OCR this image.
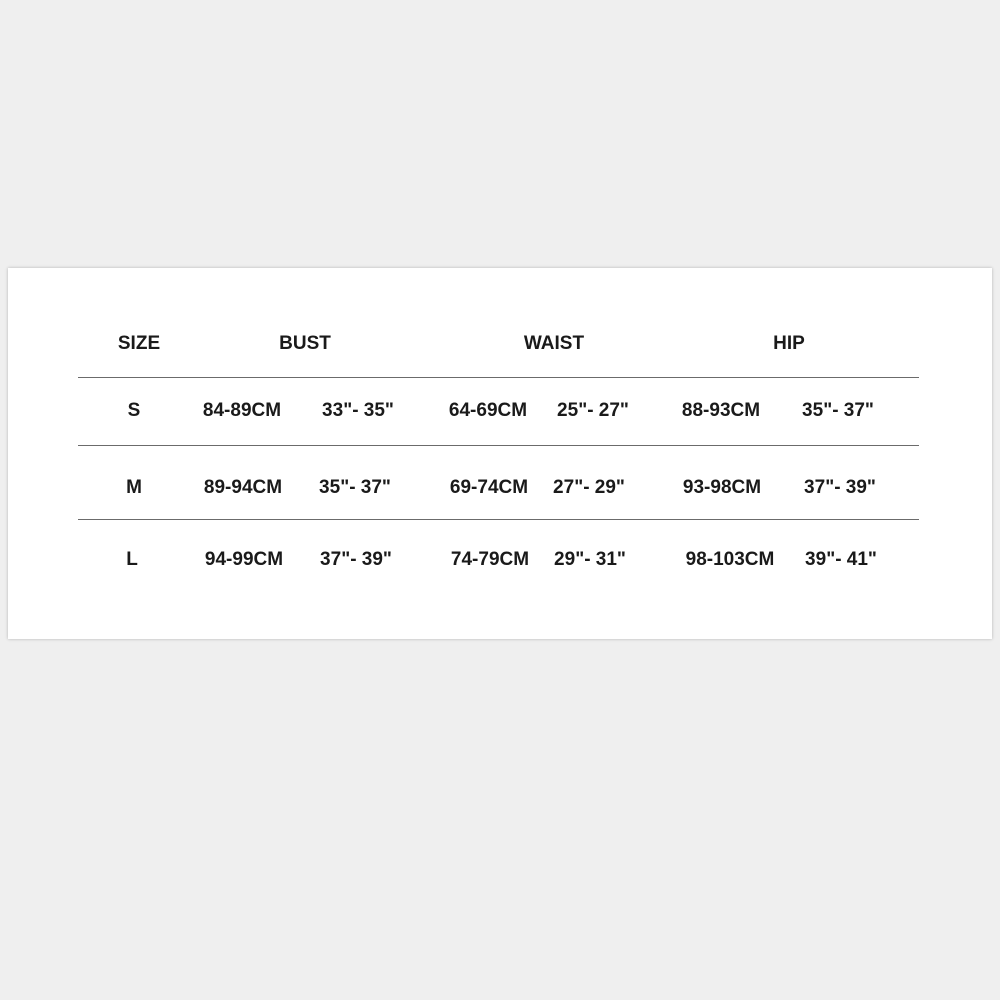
SIZE	BUST	WAIST	HIP
S	84-89CM 33"- 35"	64-69CM 25"- 27"	88-93CM 35"- 37"
M	89-94CM 35"- 37"	69-74CM 27"- 29"	93-98CM 37"- 39"
L	94-99CM 37"- 39"	74-79CM 29"- 31"	98-103CM 39"- 41"
